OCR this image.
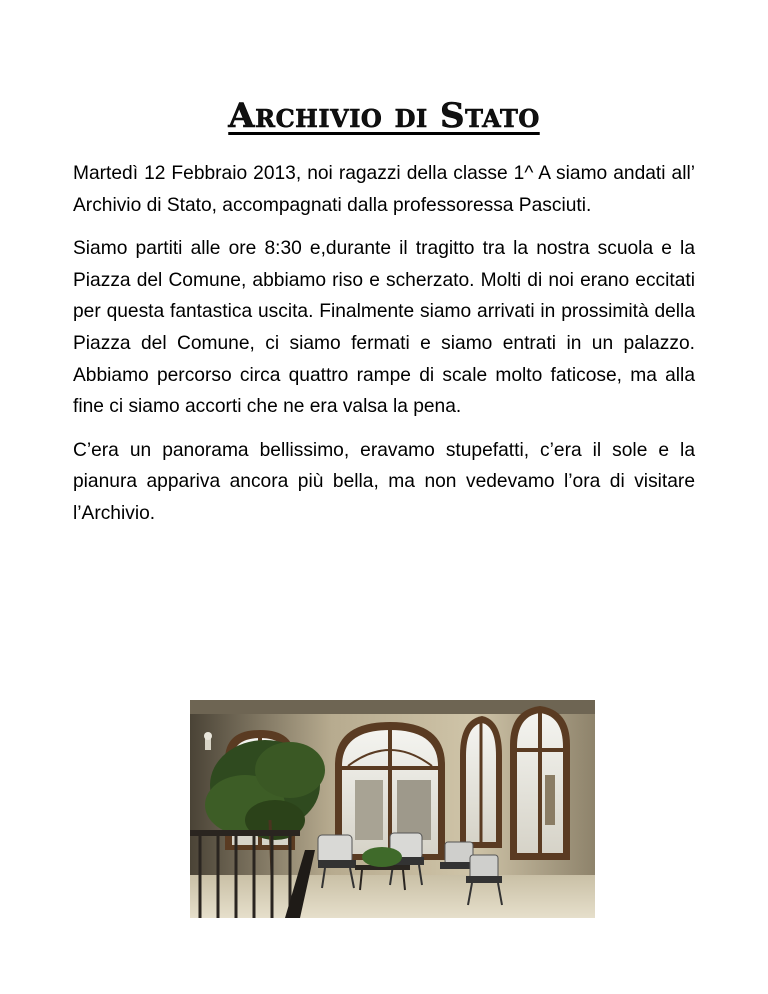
Archivio di Stato

Martedì 12 Febbraio 2013, noi ragazzi della classe 1^ A siamo andati all’ Archivio di Stato, accompagnati dalla professoressa Pasciuti.

Siamo partiti alle ore 8:30 e,durante il tragitto tra la nostra scuola e la Piazza del Comune, abbiamo riso e scherzato. Molti di noi erano eccitati per questa fantastica uscita. Finalmente siamo arrivati in prossimità della Piazza del Comune, ci siamo fermati e siamo entrati in un palazzo. Abbiamo percorso circa quattro rampe di scale molto faticose, ma alla fine ci siamo accorti che ne era valsa la pena.

C’era un panorama bellissimo, eravamo stupefatti, c’era il sole e la pianura appariva ancora più bella, ma non vedevamo l’ora di visitare l’Archivio.
